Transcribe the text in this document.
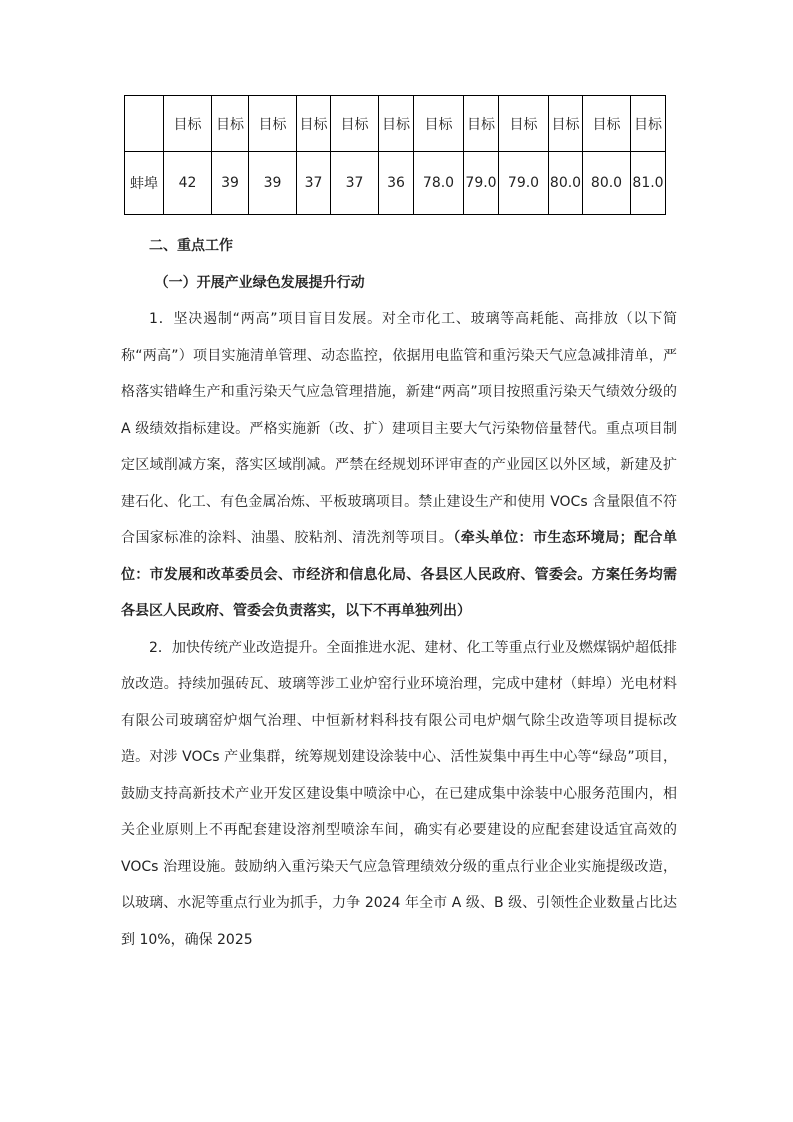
	目标	目标	目标	目标	目标	目标	目标	目标	目标	目标	目标	目标
蚌埠	42	39	39	37	37	36	78.0	79.0	79.0	80.0	80.0	81.0

二、重点工作

（一）开展产业绿色发展提升行动

1．坚决遏制“两高”项目盲目发展。对全市化工、玻璃等高耗能、高排放（以下简称“两高”）项目实施清单管理、动态监控，依据用电监管和重污染天气应急减排清单，严格落实错峰生产和重污染天气应急管理措施，新建“两高”项目按照重污染天气绩效分级的 A 级绩效指标建设。严格实施新（改、扩）建项目主要大气污染物倍量替代。重点项目制定区域削减方案，落实区域削减。严禁在经规划环评审查的产业园区以外区域，新建及扩建石化、化工、有色金属冶炼、平板玻璃项目。禁止建设生产和使用 VOCs 含量限值不符合国家标准的涂料、油墨、胶粘剂、清洗剂等项目。（牵头单位：市生态环境局；配合单位：市发展和改革委员会、市经济和信息化局、各县区人民政府、管委会。方案任务均需各县区人民政府、管委会负责落实，以下不再单独列出）

2．加快传统产业改造提升。全面推进水泥、建材、化工等重点行业及燃煤锅炉超低排放改造。持续加强砖瓦、玻璃等涉工业炉窑行业环境治理，完成中建材（蚌埠）光电材料有限公司玻璃窑炉烟气治理、中恒新材料科技有限公司电炉烟气除尘改造等项目提标改造。对涉 VOCs 产业集群，统筹规划建设涂装中心、活性炭集中再生中心等“绿岛”项目，鼓励支持高新技术产业开发区建设集中喷涂中心，在已建成集中涂装中心服务范围内，相关企业原则上不再配套建设溶剂型喷涂车间，确实有必要建设的应配套建设适宜高效的 VOCs 治理设施。鼓励纳入重污染天气应急管理绩效分级的重点行业企业实施提级改造，以玻璃、水泥等重点行业为抓手，力争 2024 年全市 A 级、B 级、引领性企业数量占比达到 10%，确保 2025
